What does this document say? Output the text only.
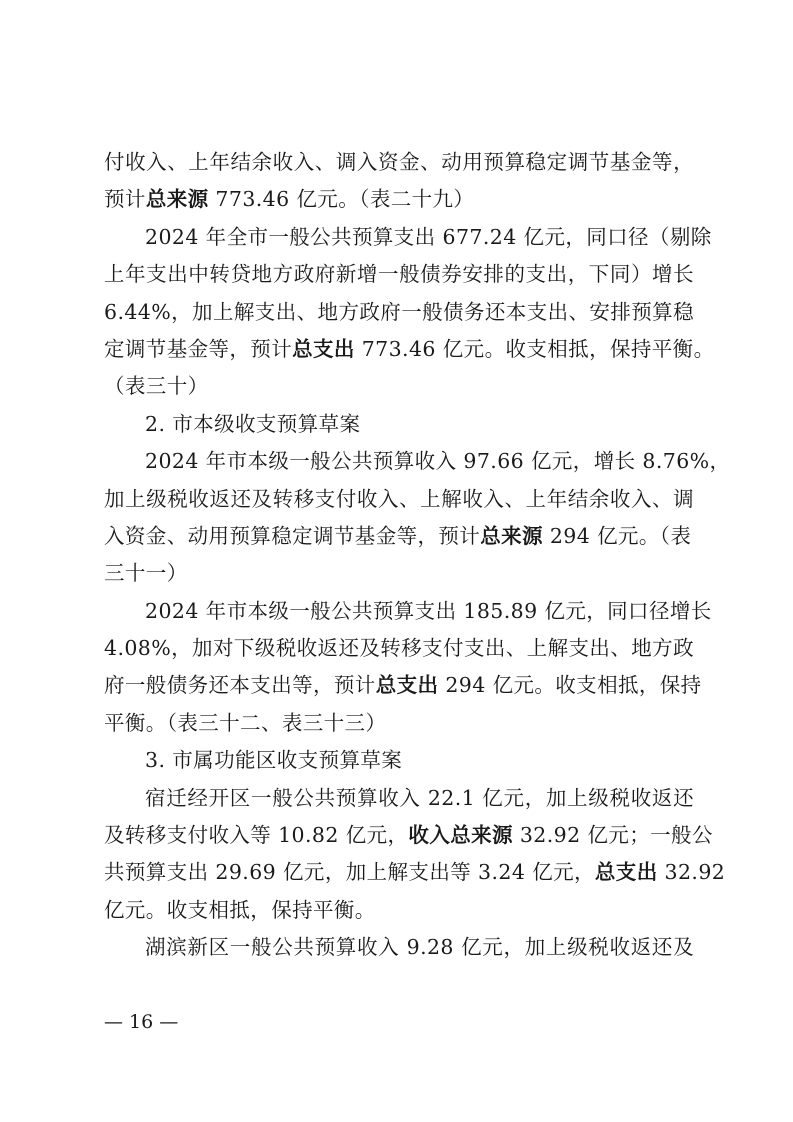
付收入、上年结余收入、调入资金、动用预算稳定调节基金等，
预计总来源 773.46 亿元。（表二十九）
2024 年全市一般公共预算支出 677.24 亿元，同口径（剔除
上年支出中转贷地方政府新增一般债券安排的支出，下同）增长
6.44%，加上解支出、地方政府一般债务还本支出、安排预算稳
定调节基金等，预计总支出 773.46 亿元。收支相抵，保持平衡。
（表三十）
2. 市本级收支预算草案
2024 年市本级一般公共预算收入 97.66 亿元，增长 8.76%，
加上级税收返还及转移支付收入、上解收入、上年结余收入、调
入资金、动用预算稳定调节基金等，预计总来源 294 亿元。（表
三十一）
2024 年市本级一般公共预算支出 185.89 亿元，同口径增长
4.08%，加对下级税收返还及转移支付支出、上解支出、地方政
府一般债务还本支出等，预计总支出 294 亿元。收支相抵，保持
平衡。（表三十二、表三十三）
3. 市属功能区收支预算草案
宿迁经开区一般公共预算收入 22.1 亿元，加上级税收返还
及转移支付收入等 10.82 亿元，收入总来源 32.92 亿元；一般公
共预算支出 29.69 亿元，加上解支出等 3.24 亿元，总支出 32.92
亿元。收支相抵，保持平衡。
湖滨新区一般公共预算收入 9.28 亿元，加上级税收返还及
— 16 —
